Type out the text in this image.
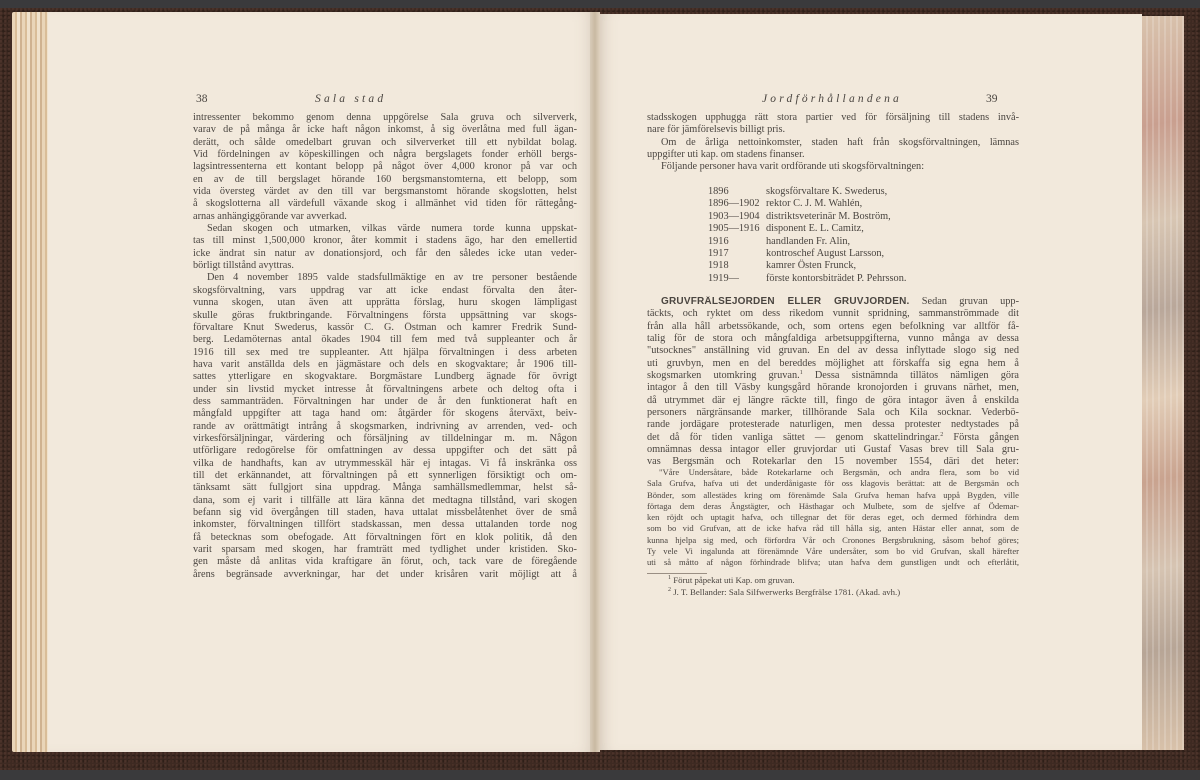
38	Sala stad
intressenter bekommo genom denna uppgörelse Sala gruva och silververk,
varav de på många år icke haft någon inkomst, å sig överlåtna med full ägan-
derätt, och sålde omedelbart gruvan och silververket till ett nybildat bolag.
Vid fördelningen av köpeskillingen och några bergslagets fonder erhöll bergs-
lagsintressenterna ett kontant belopp på något över 4,000 kronor på var och
en av de till bergslaget hörande 160 bergsmanstomterna, ett belopp, som
vida översteg värdet av den till var bergsmanstomt hörande skogslotten, helst
å skogslotterna all värdefull växande skog i allmänhet vid tiden för rättegång-
arnas anhängiggörande var avverkad.
Sedan skogen och utmarken, vilkas värde numera torde kunna uppskat-
tas till minst 1,500,000 kronor, åter kommit i stadens ägo, har den emellertid
icke ändrat sin natur av donationsjord, och får den således icke utan veder-
börligt tillstånd avyttras.
Den 4 november 1895 valde stadsfullmäktige en av tre personer bestående
skogsförvaltning, vars uppdrag var att icke endast förvalta den åter-
vunna skogen, utan även att upprätta förslag, huru skogen lämpligast
skulle göras fruktbringande. Förvaltningens första uppsättning var skogs-
förvaltare Knut Swederus, kassör C. G. Östman och kamrer Fredrik Sund-
berg. Ledamöternas antal ökades 1904 till fem med två suppleanter och år
1916 till sex med tre suppleanter. Att hjälpa förvaltningen i dess arbeten
hava varit anställda dels en jägmästare och dels en skogvaktare; år 1906 till-
sattes ytterligare en skogvaktare. Borgmästare Lundberg ägnade för övrigt
under sin livstid mycket intresse åt förvaltningens arbete och deltog ofta i
dess sammanträden. Förvaltningen har under de år den funktionerat haft en
mångfald uppgifter att taga hand om: åtgärder för skogens återväxt, beiv-
rande av orättmätigt intrång å skogsmarken, indrivning av arrenden, ved- och
virkesförsäljningar, värdering och försäljning av tilldelningar m. m. Någon
utförligare redogörelse för omfattningen av dessa uppgifter och det sätt på
vilka de handhafts, kan av utrymmesskäl här ej intagas. Vi få inskränka oss
till det erkännandet, att förvaltningen på ett synnerligen försiktigt och om-
tänksamt sätt fullgjort sina uppdrag. Många samhällsmedlemmar, helst så-
dana, som ej varit i tillfälle att lära känna det medtagna tillstånd, vari skogen
befann sig vid övergången till staden, hava uttalat missbelåtenhet över de små
inkomster, förvaltningen tillfört stadskassan, men dessa uttalanden torde nog
få betecknas som obefogade. Att förvaltningen fört en klok politik, då den
varit sparsam med skogen, har framträtt med tydlighet under kristiden. Sko-
gen måste då anlitas vida kraftigare än förut, och, tack vare de föregående
årens begränsade avverkningar, har det under krisåren varit möjligt att å
Jordförhållandena	39
stadsskogen upphugga rätt stora partier ved för försäljning till stadens invå-
nare för jämförelsevis billigt pris.
Om de årliga nettoinkomster, staden haft från skogsförvaltningen, lämnas
uppgifter uti kap. om stadens finanser.
Följande personer hava varit ordförande uti skogsförvaltningen:
1896	skogsförvaltare K. Swederus,
1896—1902 rektor C. J. M. Wahlén,
1903—1904 distriktsveterinär M. Boström,
1905—1916 disponent E. L. Camitz,
1916	handlanden Fr. Alin,
1917	kontroschef August Larsson,
1918	kamrer Östen Frunck,
1919—	förste kontorsbiträdet P. Pehrsson.
GRUVFRÄLSEJORDEN ELLER GRUVJORDEN. Sedan gruvan upp-
täckts, och ryktet om dess rikedom vunnit spridning, sammanströmmade dit
från alla håll arbetssökande, och, som ortens egen befolkning var alltför få-
talig för de stora och mångfaldiga arbetsuppgifterna, vunno många av dessa
"utsocknes" anställning vid gruvan. En del av dessa inflyttade slogo sig ned
uti gruvbyn, men en del bereddes möjlighet att förskaffa sig egna hem å
skogsmarken utomkring gruvan.$^1$ Dessa sistnämnda tillätos nämligen göra
intagor å den till Väsby kungsgård hörande kronojorden i gruvans närhet, men,
då utrymmet där ej längre räckte till, fingo de göra intagor även å enskilda
personers närgränsande marker, tillhörande Sala och Kila socknar. Vederbö-
rande jordägare protesterade naturligen, men dessa protester nedtystades på
det då för tiden vanliga sättet — genom skattelindringar.$^2$ Första gången
omnämnas dessa intagor eller gruvjordar uti Gustaf Vasas brev till Sala gru-
vas Bergsmän och Rotekarlar den 15 november 1554, däri det heter:
"Våre Undersåtare, både Rotekarlarne och Bergsmän, och andra flera, som bo vid
Sala Grufva, hafva uti det underdånigaste för oss klagovis berättat: att de Bergsmän och
Bönder, som allestädes kring om förenämde Sala Grufva heman hafva uppå Bygden, ville
förtaga dem deras Ängstägter, och Hästhagar och Mulbete, som de sjelfve af Ödemar-
ken röjdt och uptagit hafva, och tillegnar det för deras eget, och dermed förhindra dem
som bo vid Grufvan, att de icke hafva råd till hålla sig, anten Hästar eller annat, som de
kunna hjelpa sig med, och förfordra Vår och Cronones Bergsbrukning, såsom behof göres;
Ty vele Vi ingalunda att förenämnde Våre undersåter, som bo vid Grufvan, skall härefter
uti så måtto af någon förhindrade blifva; utan hafva dem gunstligen undt och efterlåtit,
$^1$ Förut påpekat uti Kap. om gruvan.
$^2$ J. T. Bellander: Sala Silfwerwerks Bergfrälse 1781. (Akad. avh.)
